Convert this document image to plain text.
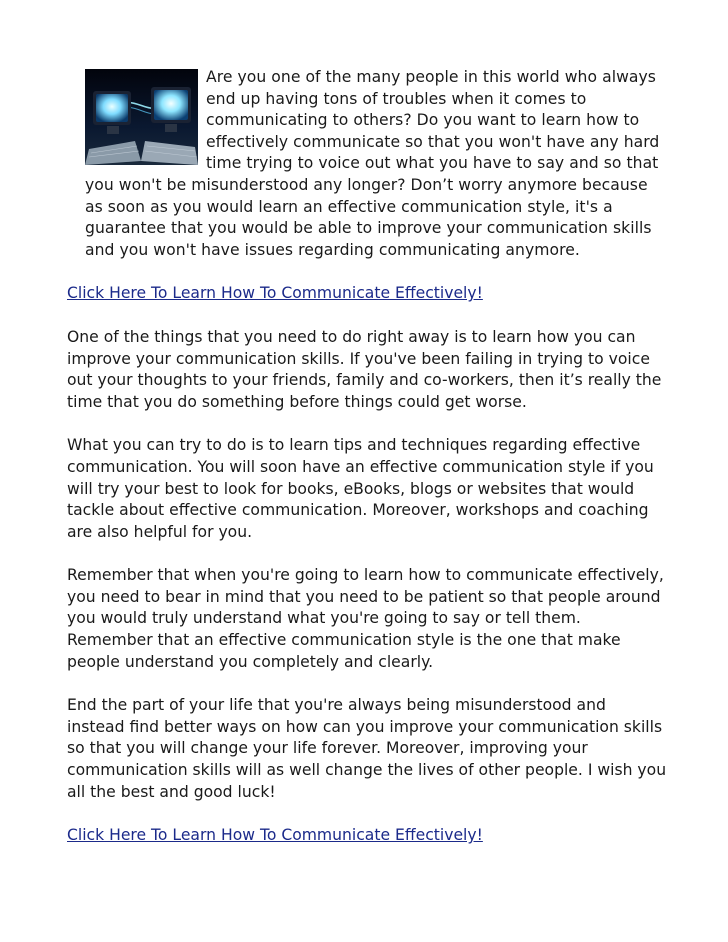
Are you one of the many people in this world who always end up having tons of troubles when it comes to communicating to others? Do you want to learn how to effectively communicate so that you won't have any hard time trying to voice out what you have to say and so that you won't be misunderstood any longer? Don’t worry anymore because as soon as you would learn an effective communication style, it's a guarantee that you would be able to improve your communication skills and you won't have issues regarding communicating anymore.
Click Here To Learn How To Communicate Effectively!

One of the things that you need to do right away is to learn how you can improve your communication skills. If you've been failing in trying to voice out your thoughts to your friends, family and co-workers, then it’s really the time that you do something before things could get worse.

What you can try to do is to learn tips and techniques regarding effective communication. You will soon have an effective communication style if you will try your best to look for books, eBooks, blogs or websites that would tackle about effective communication. Moreover, workshops and coaching are also helpful for you.

Remember that when you're going to learn how to communicate effectively, you need to bear in mind that you need to be patient so that people around you would truly understand what you're going to say or tell them. Remember that an effective communication style is the one that make people understand you completely and clearly.

End the part of your life that you're always being misunderstood and instead find better ways on how can you improve your communication skills so that you will change your life forever. Moreover, improving your communication skills will as well change the lives of other people. I wish you all the best and good luck!

Click Here To Learn How To Communicate Effectively!
